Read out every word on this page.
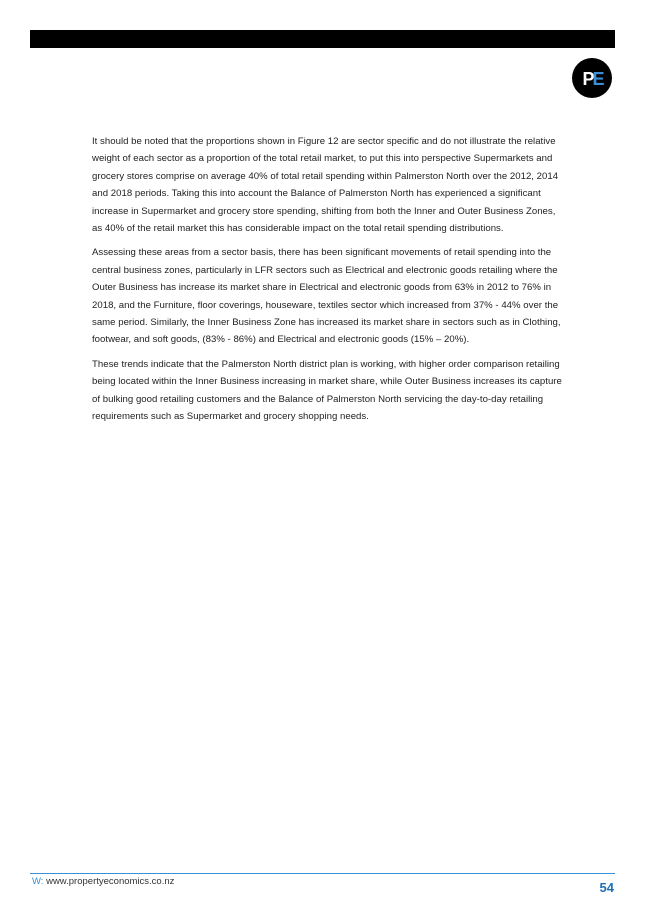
P
E

It should be noted that the proportions shown in Figure 12 are sector specific and do not illustrate the relative weight of each sector as a proportion of the total retail market, to put this into perspective Supermarkets and grocery stores comprise on average 40% of total retail spending within Palmerston North over the 2012, 2014 and 2018 periods. Taking this into account the Balance of Palmerston North has experienced a significant increase in Supermarket and grocery store spending, shifting from both the Inner and Outer Business Zones, as 40% of the retail market this has considerable impact on the total retail spending distributions.

Assessing these areas from a sector basis, there has been significant movements of retail spending into the central business zones, particularly in LFR sectors such as Electrical and electronic goods retailing where the Outer Business has increase its market share in Electrical and electronic goods from 63% in 2012 to 76% in 2018, and the Furniture, floor coverings, houseware, textiles sector which increased from 37% - 44% over the same period. Similarly, the Inner Business Zone has increased its market share in sectors such as in Clothing, footwear, and soft goods, (83% - 86%) and Electrical and electronic goods (15% – 20%).

These trends indicate that the Palmerston North district plan is working, with higher order comparison retailing being located within the Inner Business increasing in market share, while Outer Business increases its capture of bulking good retailing customers and the Balance of Palmerston North servicing the day-to-day retailing requirements such as Supermarket and grocery shopping needs.

W: www.propertyeconomics.co.nz	54
